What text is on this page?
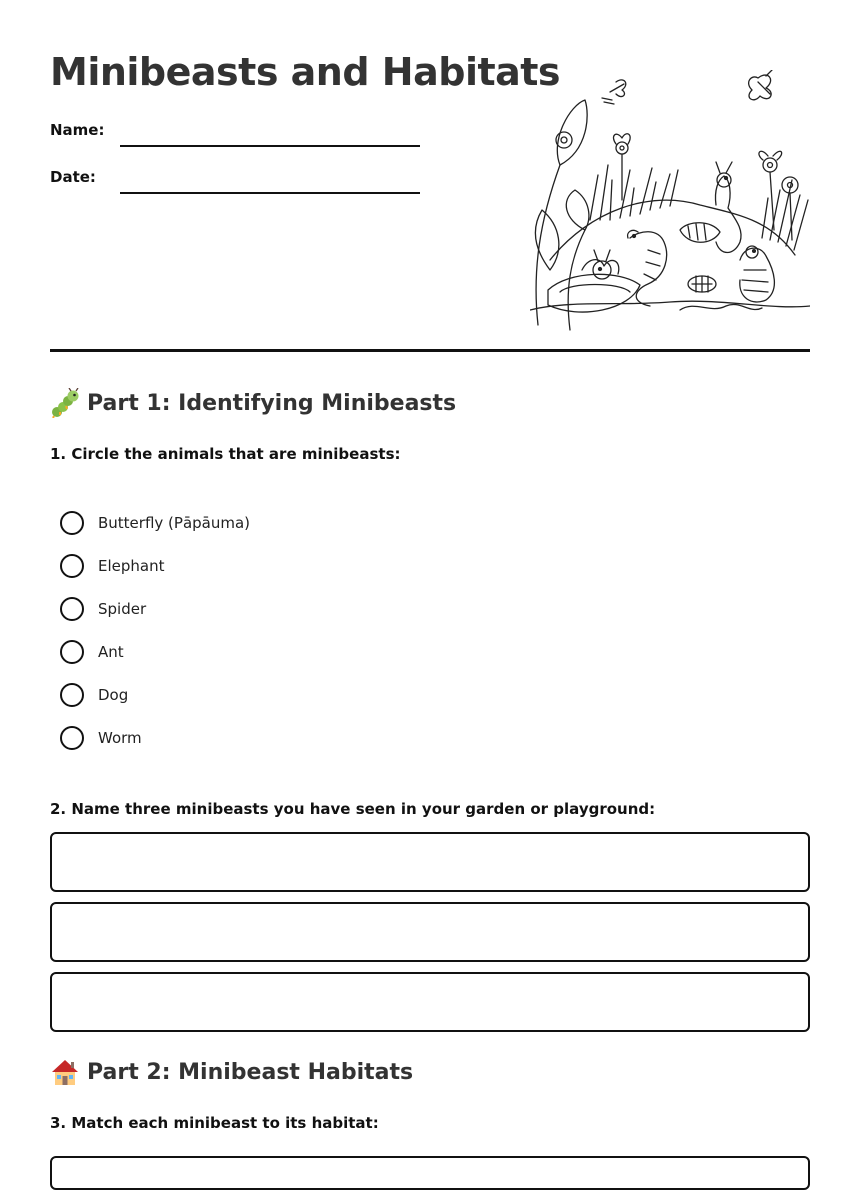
Minibeasts and Habitats
Name:
Date:
Part 1: Identifying Minibeasts
1. Circle the animals that are minibeasts:
Butterfly (Pāpāuma)
Elephant
Spider
Ant
Dog
Worm
2. Name three minibeasts you have seen in your garden or playground:
Part 2: Minibeast Habitats
3. Match each minibeast to its habitat:
